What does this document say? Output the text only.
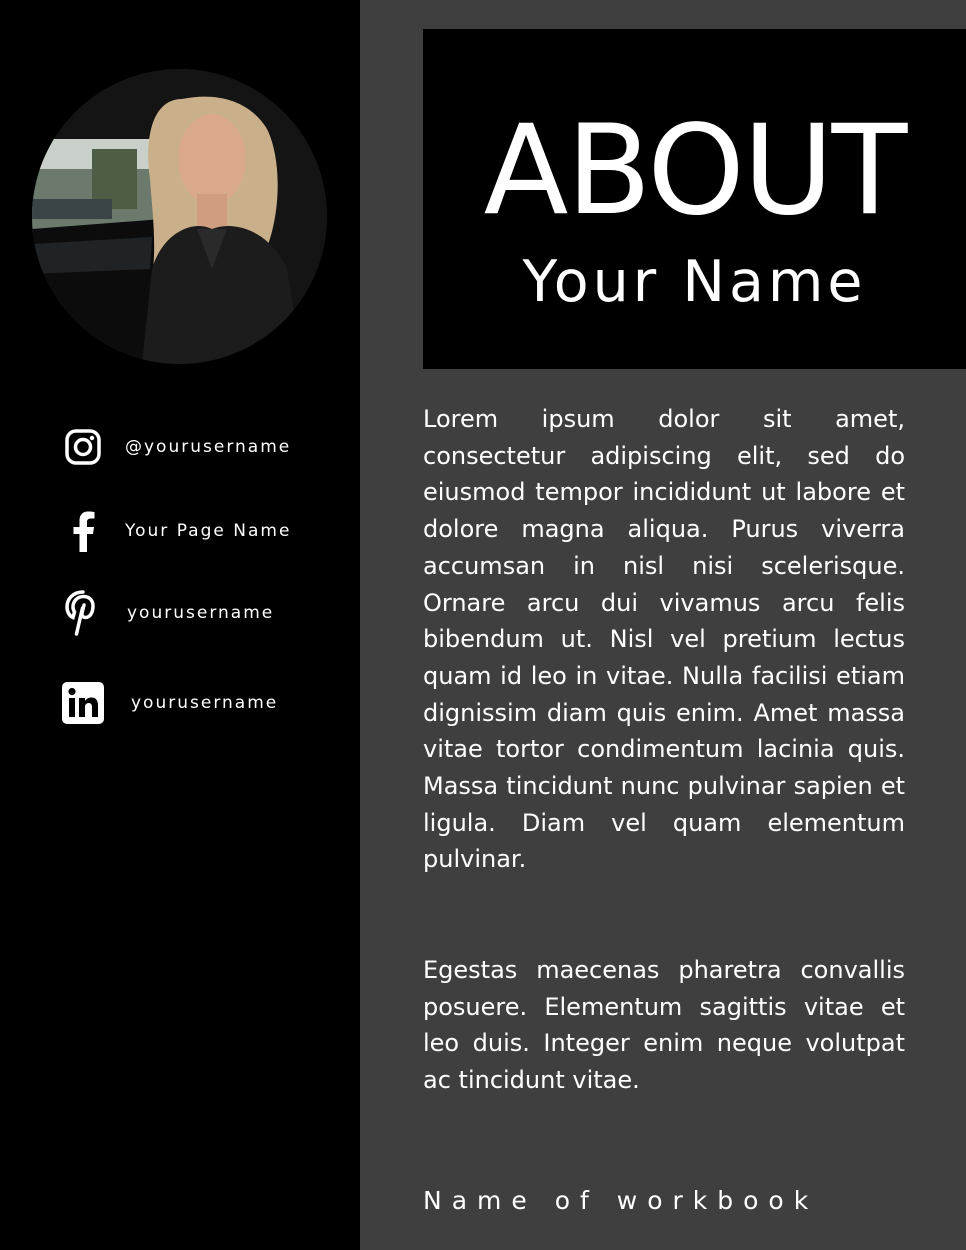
@yourusername
Your Page Name
yourusername
yourusername
ABOUT
Your Name
Lorem ipsum dolor sit amet, consectetur adipiscing elit, sed do eiusmod tempor incididunt ut labore et dolore magna aliqua. Purus viverra accumsan in nisl nisi scelerisque. Ornare arcu dui vivamus arcu felis bibendum ut. Nisl vel pretium lectus quam id leo in vitae. Nulla facilisi etiam dignissim diam quis enim. Amet massa vitae tortor condimentum lacinia quis. Massa tincidunt nunc pulvinar sapien et ligula. Diam vel quam elementum pulvinar.
Egestas maecenas pharetra convallis posuere. Elementum sagittis vitae et leo duis. Integer enim neque volutpat ac tincidunt vitae.
Name of workbook
